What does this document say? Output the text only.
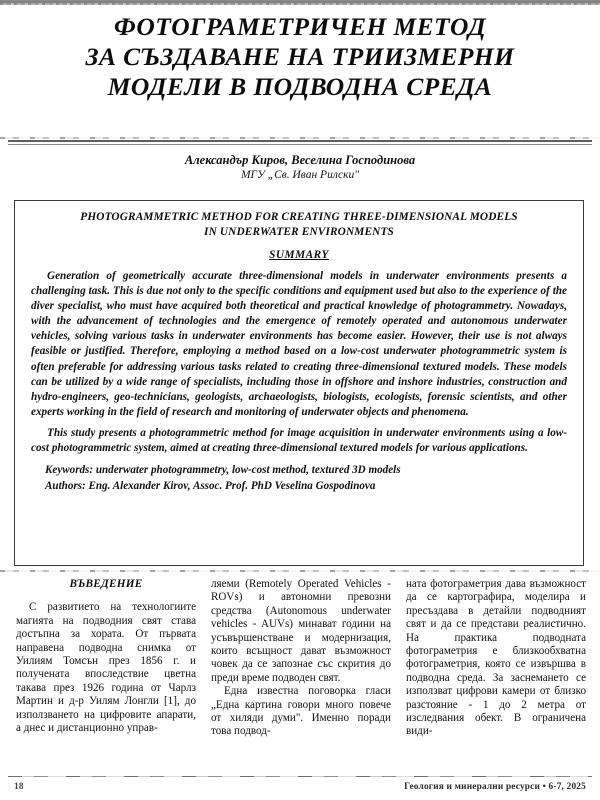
ФОТОГРАМЕТРИЧЕН МЕТОД
ЗА СЪЗДАВАНЕ НА ТРИИЗМЕРНИ
МОДЕЛИ В ПОДВОДНА СРЕДА
Александър Киров, Веселина Господинова
МГУ „Св. Иван Рилски"
PHOTOGRAMMETRIC METHOD FOR CREATING THREE-DIMENSIONAL MODELS
IN UNDERWATER ENVIRONMENTS
SUMMARY
Generation of geometrically accurate three-dimensional models in underwater environments presents a challenging task. This is due not only to the specific conditions and equipment used but also to the experience of the diver specialist, who must have acquired both theoretical and practical knowledge of photogrammetry. Nowadays, with the advancement of technologies and the emergence of remotely operated and autonomous underwater vehicles, solving various tasks in underwater environments has become easier. However, their use is not always feasible or justified. Therefore, employing a method based on a low-cost underwater photogrammetric system is often preferable for addressing various tasks related to creating three-dimensional textured models. These models can be utilized by a wide range of specialists, including those in offshore and inshore industries, construction and hydro-engineers, geo-technicians, geologists, archaeologists, biologists, ecologists, forensic scientists, and other experts working in the field of research and monitoring of underwater objects and phenomena.
This study presents a photogrammetric method for image acquisition in underwater environments using a low-cost photogrammetric system, aimed at creating three-dimensional textured models for various applications.
Keywords: underwater photogrammetry, low-cost method, textured 3D models
Authors: Eng. Alexander Kirov, Assoc. Prof. PhD Veselina Gospodinova
ВЪВЕДЕНИЕ
С развитието на технологиите магията на подводния свят става достъпна за хората. От първата направена подводна снимка от Уилиям Томсън през 1856 г. и получената впоследствие цветна такава през 1926 година от Чарлз Мартин и д-р Уилям Лонгли [1], до използването на цифровите апарати, а днес и дистанционно управ-
ляеми (Remotely Operated Vehicles - ROVs) и автономни превозни средства (Autonomous underwater vehicles - AUVs) минават години на усъвършенстване и модернизация, които всъщност дават възможност човек да се запознае със скрития до преди време подводен свят.
Една известна поговорка гласи „Една картина говори много повече от хиляди думи". Именно поради това подвод-
ната фотограметрия дава възможност да се картографира, моделира и пресъздава в детайли подводният свят и да се представи реалистично. На практика подводната фотограметрия е близкообхватна фотограметрия, която се извършва в подводна среда. За заснемането се използват цифрови камери от близко разстояние - 1 до 2 метра от изследвания обект. В ограничена види-
18	Геология и минерални ресурси • 6-7, 2025
